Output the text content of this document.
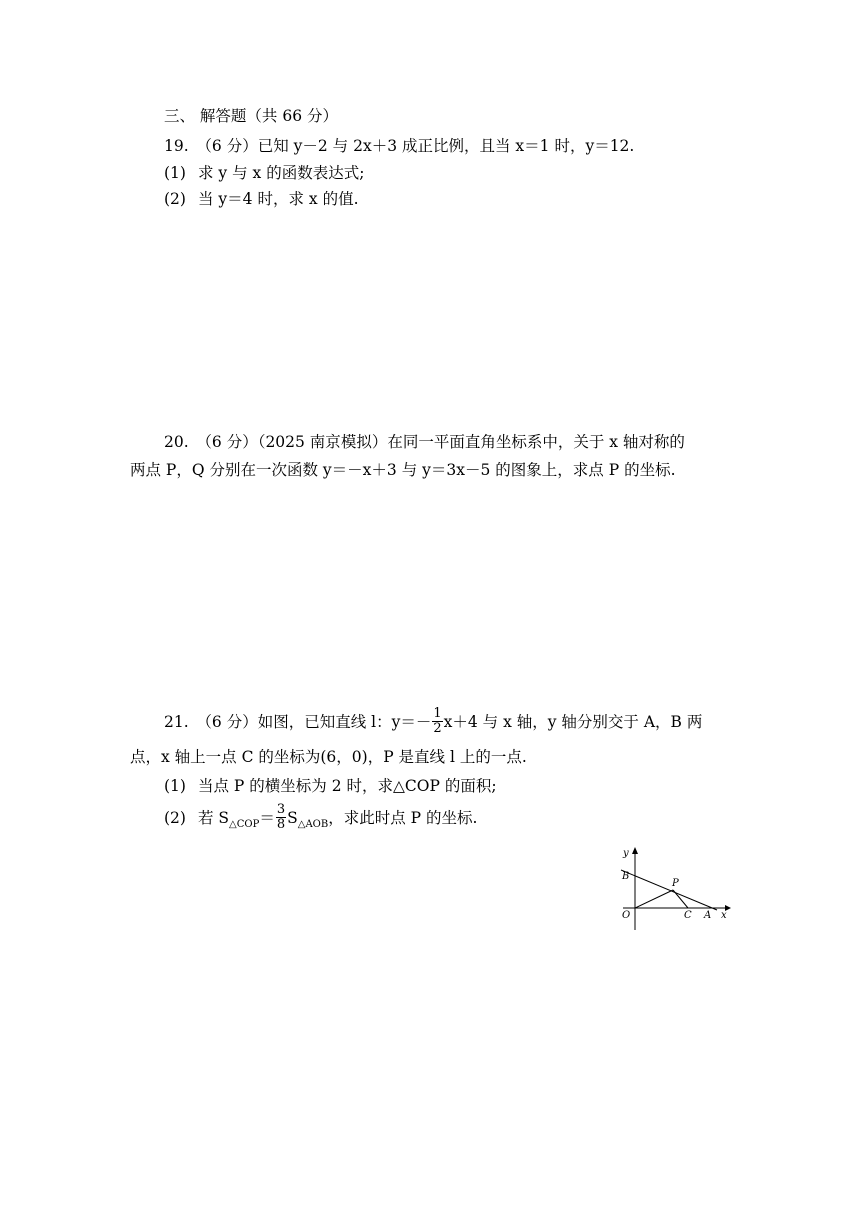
三、 解答题（共 66 分）
19.　（6 分）已知 y－2 与 2x＋3 成正比例，且当 x＝1 时，y＝12.
(1) 求 y 与 x 的函数表达式;
(2) 当 y＝4 时，求 x 的值.
20.　（6 分）（2025 南京模拟）在同一平面直角坐标系中，关于 x 轴对称的
两点 P，Q 分别在一次函数 y＝－x＋3 与 y＝3x－5 的图象上，求点 P 的坐标.
21.　（6 分）如图，已知直线 l：$y=- \frac{1}{2} x+4$ 与 x 轴，y 轴分别交于 A，B 两
点，x 轴上一点 C 的坐标为(6，0)，P 是直线 l 上的一点.
(1) 当点 P 的横坐标为 2 时，求△COP 的面积;
(2) 若 $S_{\triangle COP}= \frac{3}{8} S_{\triangle AOB}$，求此时点 P 的坐标.
y
x
B
P
O	C A
